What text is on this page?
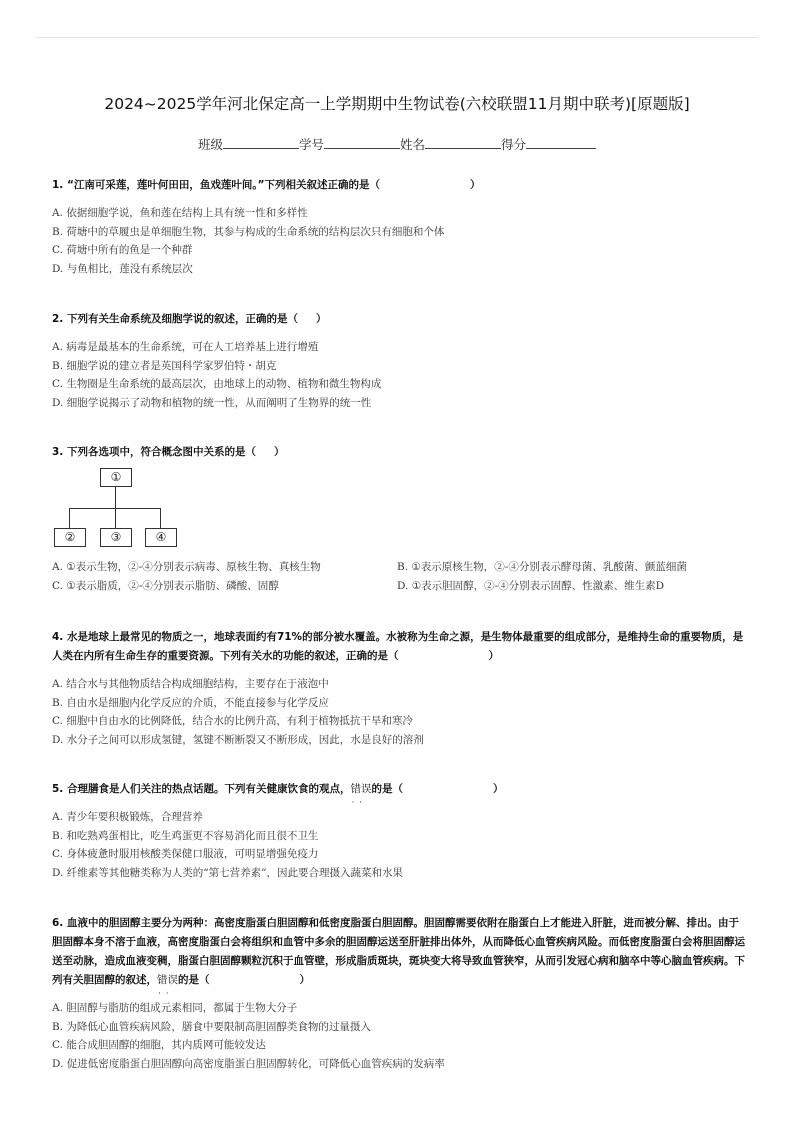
2024~2025学年河北保定高一上学期期中生物试卷(六校联盟11月期中联考)[原题版]
班级	学号	姓名	得分
1. “江南可采莲，莲叶何田田，鱼戏莲叶间。”下列相关叙述正确的是（	）
A. 依据细胞学说，鱼和莲在结构上具有统一性和多样性
B. 荷塘中的草履虫是单细胞生物，其参与构成的生命系统的结构层次只有细胞和个体
C. 荷塘中所有的鱼是一个种群
D. 与鱼相比，莲没有系统层次
2. 下列有关生命系统及细胞学说的叙述，正确的是（ ）
A. 病毒是最基本的生命系统，可在人工培养基上进行增殖
B. 细胞学说的建立者是英国科学家罗伯特・胡克
C. 生物圈是生命系统的最高层次，由地球上的动物、植物和微生物构成
D. 细胞学说揭示了动物和植物的统一性，从而阐明了生物界的统一性
3. 下列各选项中，符合概念图中关系的是（ ）
①
②	③	④
A. ①表示生物，②-④分别表示病毒、原核生物、真核生物	B. ①表示原核生物，②-④分别表示酵母菌、乳酸菌、颤蓝细菌
C. ①表示脂质，②-④分别表示脂肪、磷酸、固醇	D. ①表示胆固醇，②-④分别表示固醇、性激素、维生素D
4. 水是地球上最常见的物质之一，地球表面约有71%的部分被水覆盖。水被称为生命之源，是生物体最重要的组成部分，是维持生命的重要物质，是人类在内所有生命生存的重要资源。下列有关水的功能的叙述，正确的是（	）
A. 结合水与其他物质结合构成细胞结构，主要存在于液泡中
B. 自由水是细胞内化学反应的介质，不能直接参与化学反应
C. 细胞中自由水的比例降低，结合水的比例升高，有利于植物抵抗干旱和寒冷
D. 水分子之间可以形成氢键，氢键不断断裂又不断形成，因此，水是良好的溶剂
5. 合理膳食是人们关注的热点话题。下列有关健康饮食的观点，错误 · ·的是（	）
A. 青少年要积极锻炼，合理营养
B. 和吃熟鸡蛋相比，吃生鸡蛋更不容易消化而且很不卫生
C. 身体疲惫时服用核酸类保健口服液，可明显增强免疫力
D. 纤维素等其他糖类称为人类的“第七营养素”，因此要合理摄入蔬菜和水果
6. 血液中的胆固醇主要分为两种：高密度脂蛋白胆固醇和低密度脂蛋白胆固醇。胆固醇需要依附在脂蛋白上才能进入肝脏，进而被分解、排出。由于胆固醇本身不溶于血液，高密度脂蛋白会将组织和血管中多余的胆固醇运送至肝脏排出体外，从而降低心血管疾病风险。而低密度脂蛋白会将胆固醇运送至动脉，造成血液变稠，脂蛋白胆固醇颗粒沉积于血管壁，形成脂质斑块，斑块变大将导致血管狭窄，从而引发冠心病和脑卒中等心脑血管疾病。下列有关胆固醇的叙述，错误 · ·的是（	）
A. 胆固醇与脂肪的组成元素相同，都属于生物大分子
B. 为降低心血管疾病风险，膳食中要限制高胆固醇类食物的过量摄入
C. 能合成胆固醇的细胞，其内质网可能较发达
D. 促进低密度脂蛋白胆固醇向高密度脂蛋白胆固醇转化，可降低心血管疾病的发病率
